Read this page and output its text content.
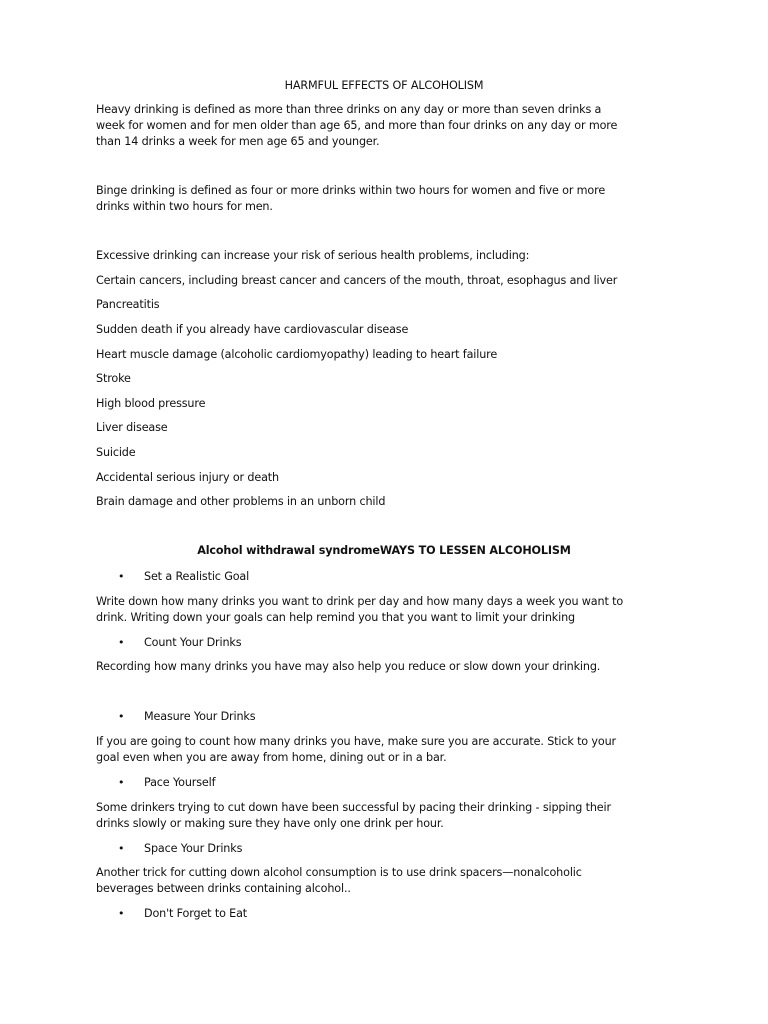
HARMFUL EFFECTS OF ALCOHOLISM
Heavy drinking is defined as more than three drinks on any day or more than seven drinks a
week for women and for men older than age 65, and more than four drinks on any day or more
than 14 drinks a week for men age 65 and younger.
Binge drinking is defined as four or more drinks within two hours for women and five or more
drinks within two hours for men.
Excessive drinking can increase your risk of serious health problems, including:
Certain cancers, including breast cancer and cancers of the mouth, throat, esophagus and liver
Pancreatitis
Sudden death if you already have cardiovascular disease
Heart muscle damage (alcoholic cardiomyopathy) leading to heart failure
Stroke
High blood pressure
Liver disease
Suicide
Accidental serious injury or death
Brain damage and other problems in an unborn child
Alcohol withdrawal syndromeWAYS TO LESSEN ALCOHOLISM
• Set a Realistic Goal
Write down how many drinks you want to drink per day and how many days a week you want to
drink. Writing down your goals can help remind you that you want to limit your drinking
• Count Your Drinks
Recording how many drinks you have may also help you reduce or slow down your drinking.
• Measure Your Drinks
If you are going to count how many drinks you have, make sure you are accurate. Stick to your
goal even when you are away from home, dining out or in a bar.
• Pace Yourself
Some drinkers trying to cut down have been successful by pacing their drinking - sipping their
drinks slowly or making sure they have only one drink per hour.
• Space Your Drinks
Another trick for cutting down alcohol consumption is to use drink spacers—nonalcoholic
beverages between drinks containing alcohol..
• Don't Forget to Eat
